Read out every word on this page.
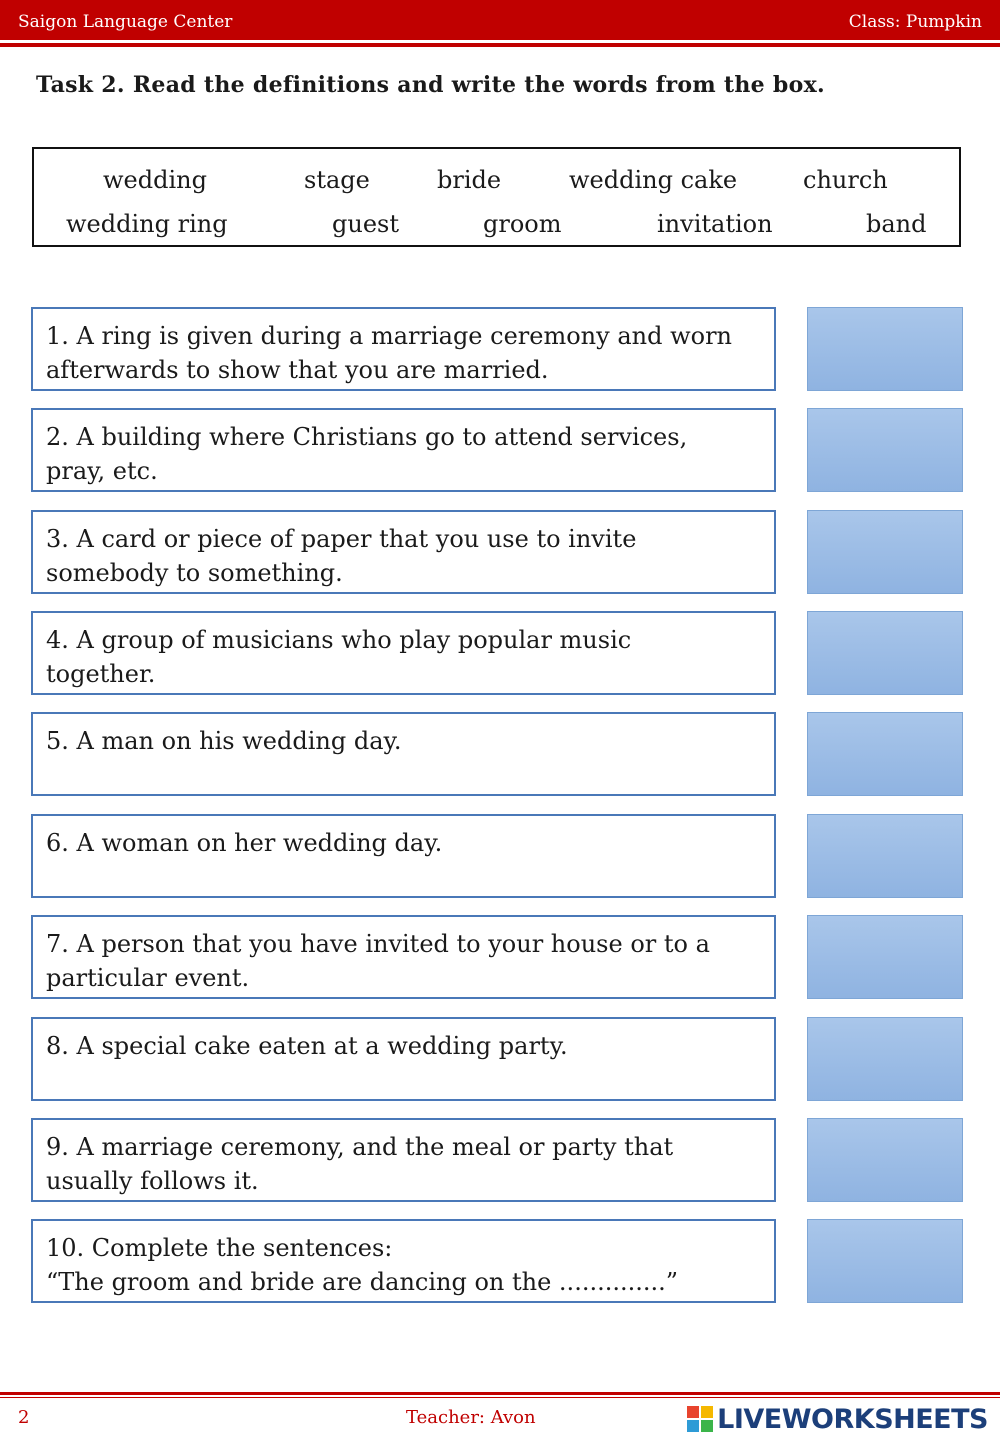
Saigon Language Center	Class: Pumpkin
Task 2. Read the definitions and write the words from the box.
wedding	stage	bride	wedding cake	church
wedding ring	guest	groom	invitation	band
1. A ring is given during a marriage ceremony and worn
afterwards to show that you are married.
2. A building where Christians go to attend services,
pray, etc.
3. A card or piece of paper that you use to invite
somebody to something.
4. A group of musicians who play popular music
together.
5. A man on his wedding day.
6. A woman on her wedding day.
7. A person that you have invited to your house or to a
particular event.
8. A special cake eaten at a wedding party.
9. A marriage ceremony, and the meal or party that
usually follows it.
10. Complete the sentences:
“The groom and bride are dancing on the ..............”
2	Teacher: Avon	LIVEWORKSHEETS
